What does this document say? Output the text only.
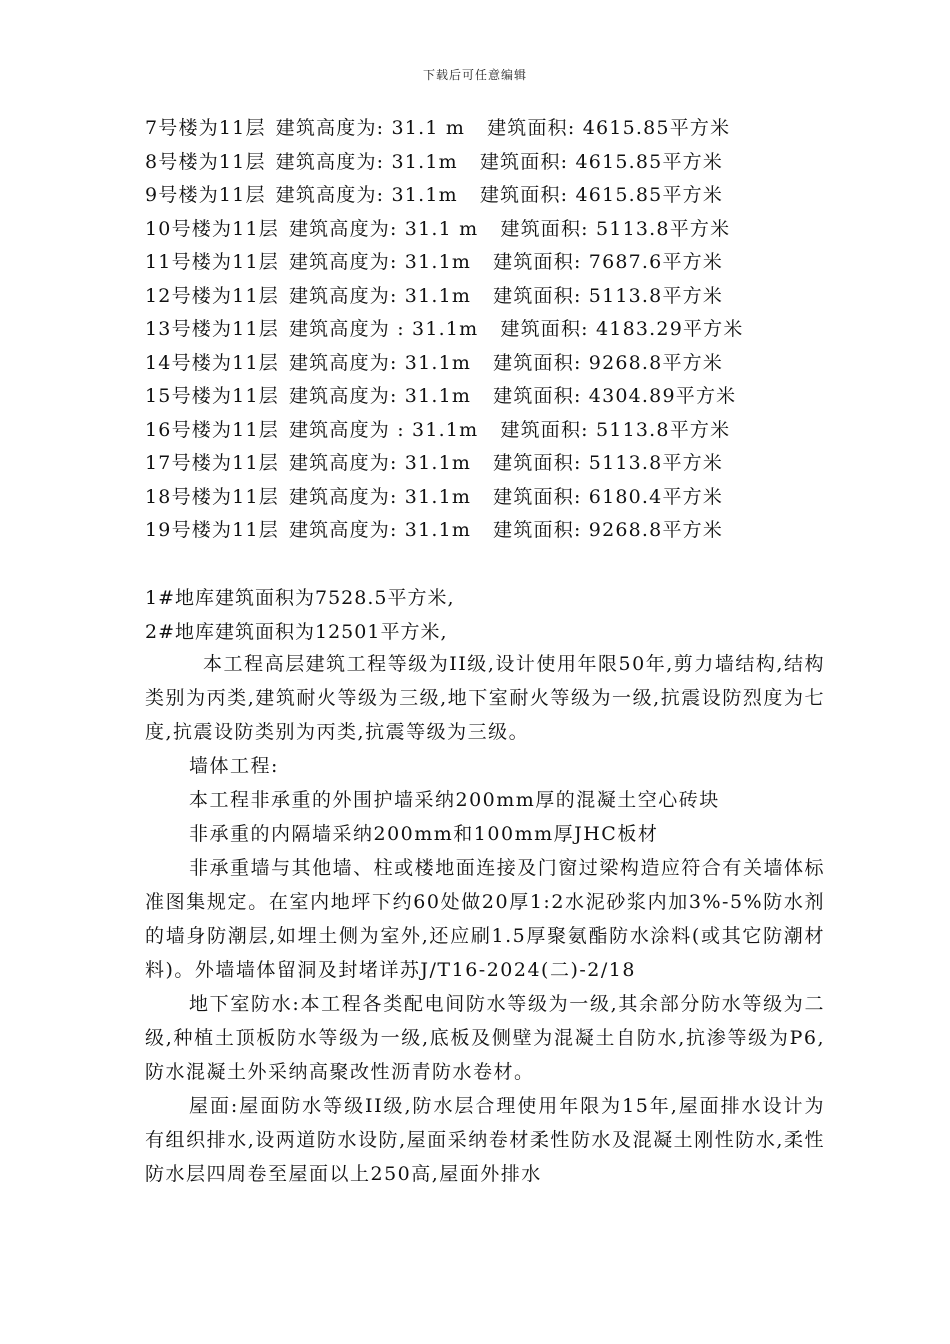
下载后可任意编辑
7号楼为11层 建筑高度为: 31.1 m 建筑面积: 4615.85平方米
8号楼为11层 建筑高度为: 31.1m 建筑面积: 4615.85平方米
9号楼为11层 建筑高度为: 31.1m 建筑面积: 4615.85平方米
10号楼为11层 建筑高度为: 31.1 m 建筑面积: 5113.8平方米
11号楼为11层 建筑高度为: 31.1m 建筑面积: 7687.6平方米
12号楼为11层 建筑高度为: 31.1m 建筑面积: 5113.8平方米
13号楼为11层 建筑高度为 : 31.1m 建筑面积: 4183.29平方米
14号楼为11层 建筑高度为: 31.1m 建筑面积: 9268.8平方米
15号楼为11层 建筑高度为: 31.1m 建筑面积: 4304.89平方米
16号楼为11层 建筑高度为 : 31.1m 建筑面积: 5113.8平方米
17号楼为11层 建筑高度为: 31.1m 建筑面积: 5113.8平方米
18号楼为11层 建筑高度为: 31.1m 建筑面积: 6180.4平方米
19号楼为11层 建筑高度为: 31.1m 建筑面积: 9268.8平方米
1#地库建筑面积为7528.5平方米,
2#地库建筑面积为12501平方米,

本工程高层建筑工程等级为II级,设计使用年限50年,剪力墙结构,结构类别为丙类,建筑耐火等级为三级,地下室耐火等级为一级,抗震设防烈度为七度,抗震设防类别为丙类,抗震等级为三级。

墙体工程:

本工程非承重的外围护墙采纳200mm厚的混凝土空心砖块

非承重的内隔墙采纳200mm和100mm厚JHC板材

非承重墙与其他墙、柱或楼地面连接及门窗过梁构造应符合有关墙体标准图集规定。在室内地坪下约60处做20厚1:2水泥砂浆内加3%-5%防水剂的墙身防潮层,如埋土侧为室外,还应刷1.5厚聚氨酯防水涂料(或其它防潮材料)。外墙墙体留洞及封堵详苏J/T16-2024(二)-2/18

地下室防水:本工程各类配电间防水等级为一级,其余部分防水等级为二级,种植土顶板防水等级为一级,底板及侧壁为混凝土自防水,抗渗等级为P6,防水混凝土外采纳高聚改性沥青防水卷材。

屋面:屋面防水等级II级,防水层合理使用年限为15年,屋面排水设计为有组织排水,设两道防水设防,屋面采纳卷材柔性防水及混凝土刚性防水,柔性防水层四周卷至屋面以上250高,屋面外排水
